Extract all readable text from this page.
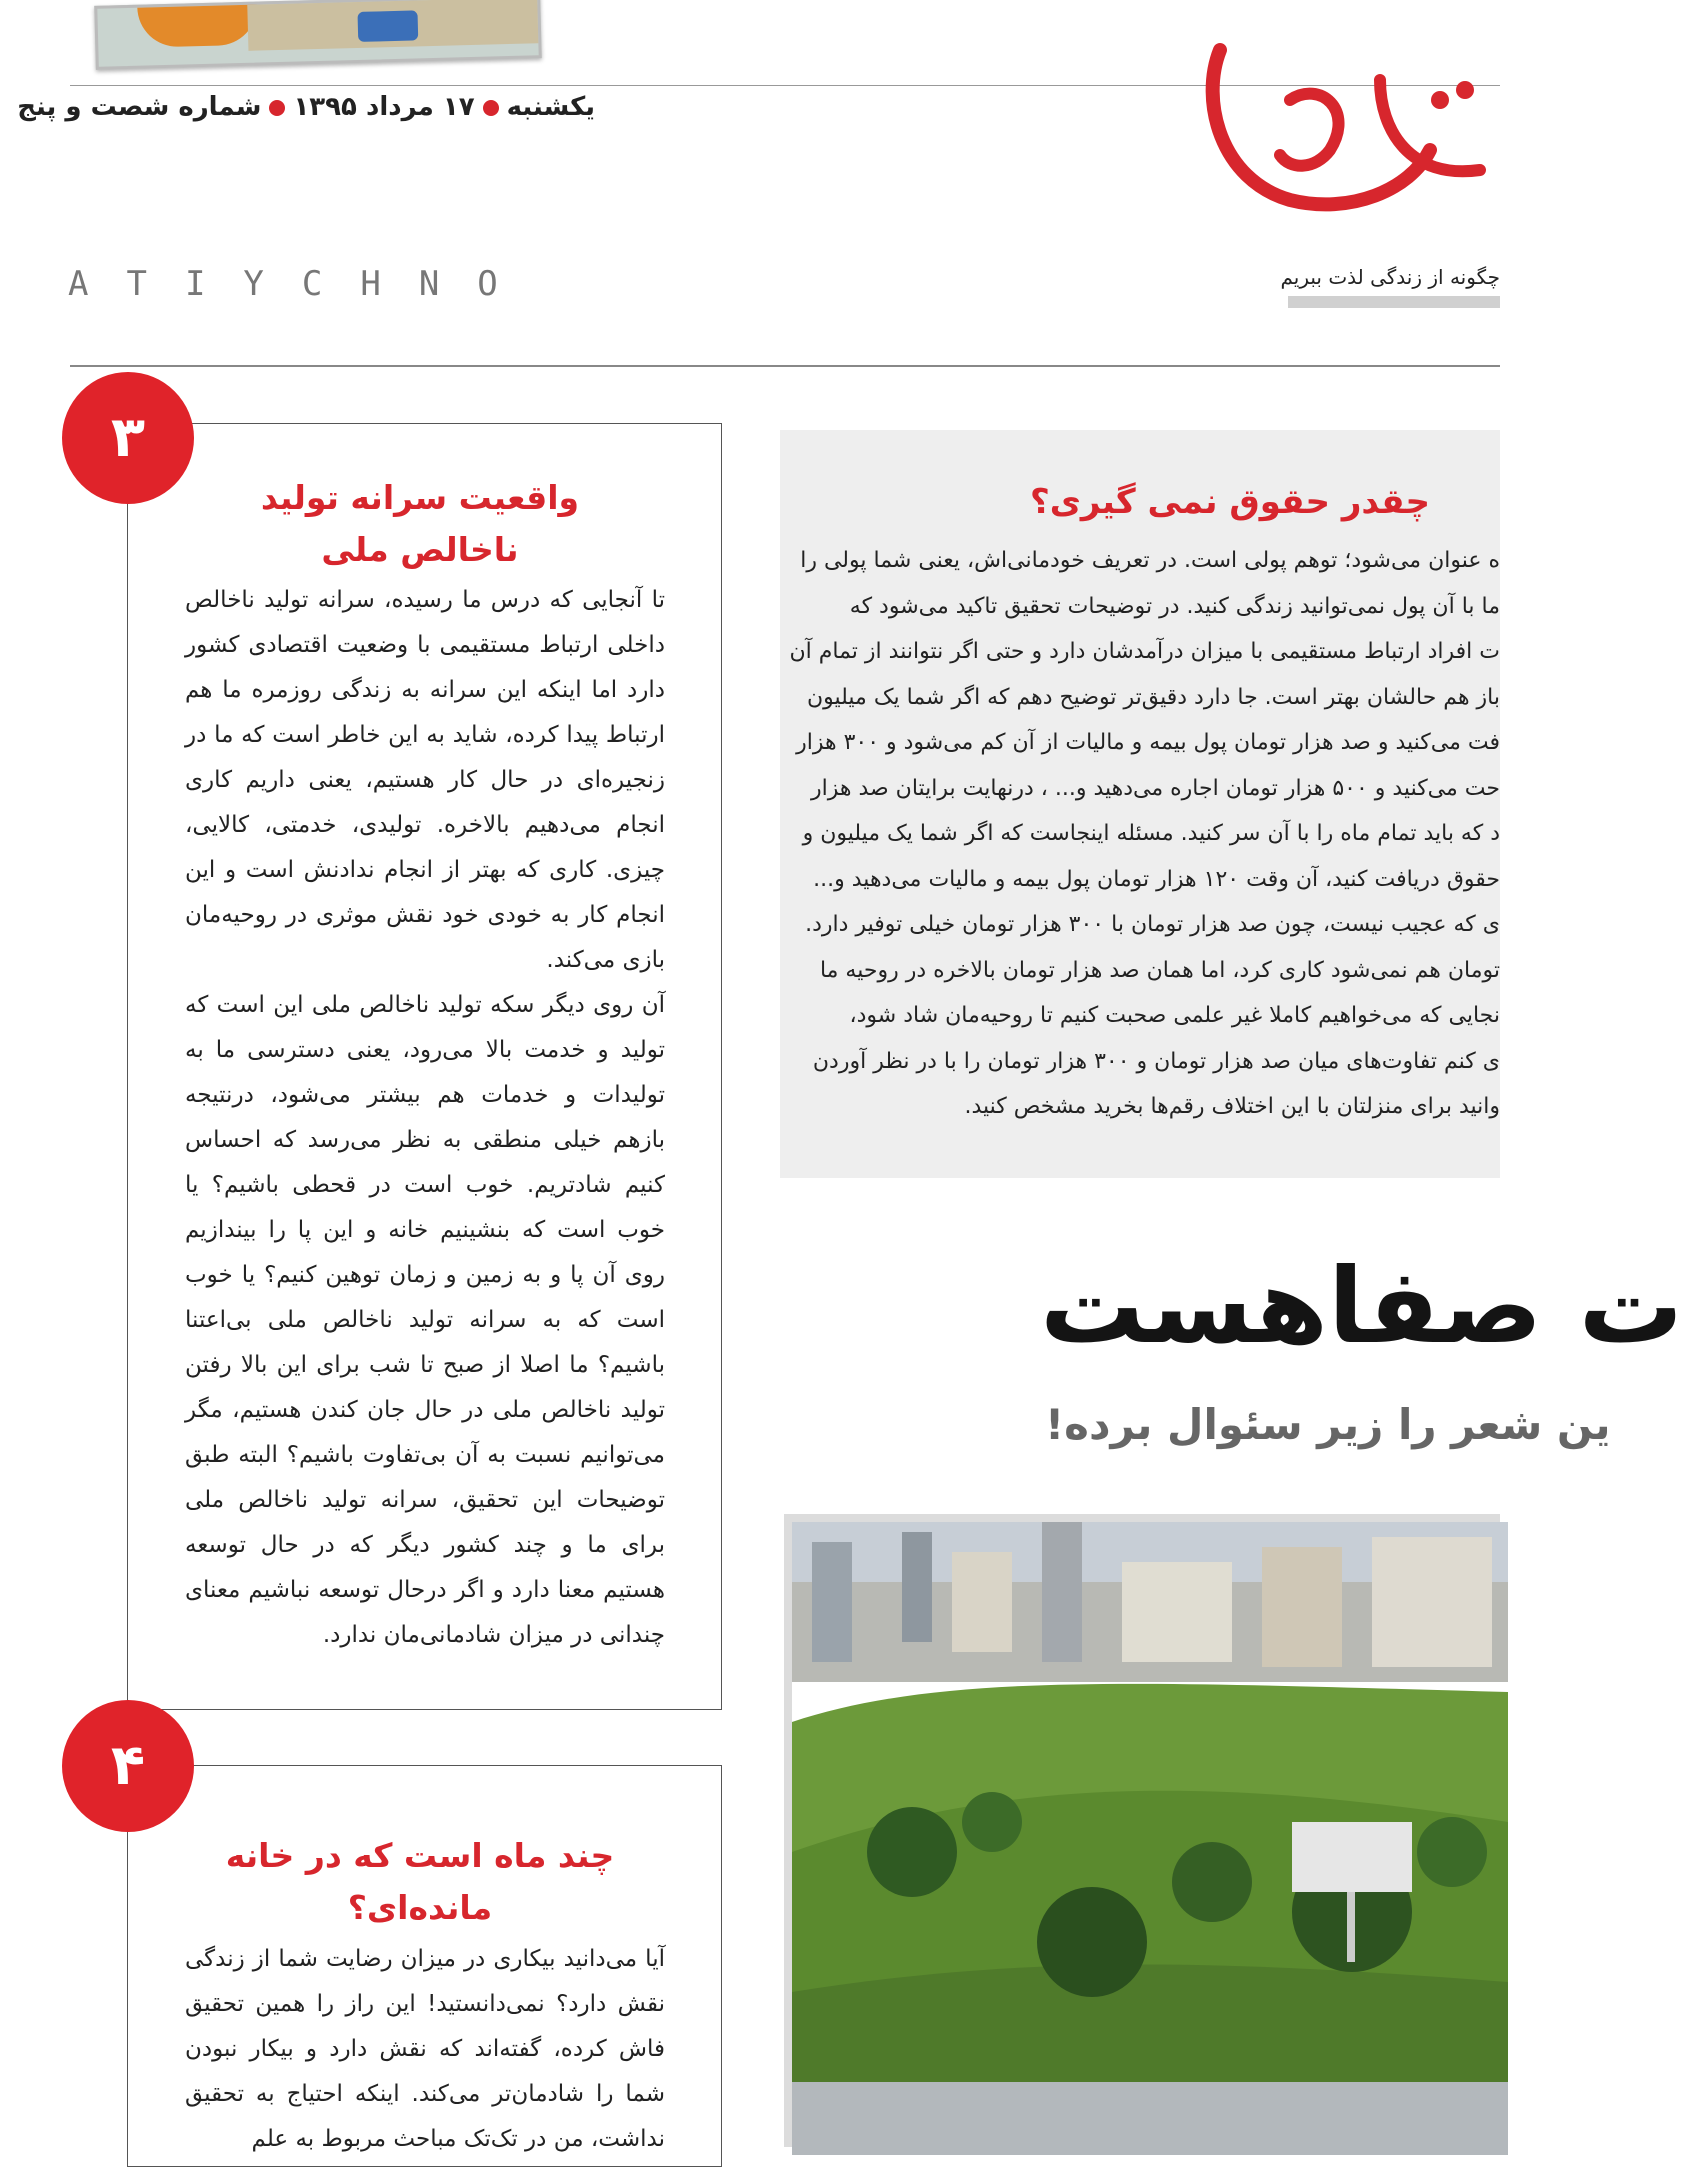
یکشنبه۱۷ مرداد ۱۳۹۵شماره شصت و پنج
چگونه از زندگی لذت ببریم
ATIYCHNO
۳
واقعیت سرانه تولید
ناخالص ملی
تا آنجایی که درس ما رسیده، سرانه تولید ناخالص داخلی ارتباط مستقیمی با وضعیت اقتصادی کشور دارد اما اینکه این سرانه به زندگی روزمره ما هم ارتباط پیدا کرده، شاید به این خاطر است که ما در زنجیره‌ای در حال کار هستیم، یعنی داریم کاری انجام می‌دهیم بالاخره. تولیدی، خدمتی، کالایی، چیزی. کاری که بهتر از انجام ندادنش است و این انجام کار به خودی خود نقش موثری در روحیه‌مان بازی می‌کند.
آن روی دیگر سکه تولید ناخالص ملی این است که تولید و خدمت بالا می‌رود، یعنی دسترسی ما به تولیدات و خدمات هم بیشتر می‌شود، درنتیجه بازهم خیلی منطقی به نظر می‌رسد که احساس کنیم شادتریم. خوب است در قحطی باشیم؟ یا خوب است که بنشینیم خانه و این پا را بیندازیم روی آن پا و به زمین و زمان توهین کنیم؟ یا خوب است که به سرانه تولید ناخالص ملی بی‌اعتنا باشیم؟ ما اصلا از صبح تا شب برای این بالا رفتن تولید ناخالص ملی در حال جان کندن هستیم، مگر می‌توانیم نسبت به آن بی‌تفاوت باشیم؟ البته طبق توضیحات این تحقیق، سرانه تولید ناخالص ملی برای ما و چند کشور دیگر که در حال توسعه هستیم معنا دارد و اگر درحال توسعه نباشیم معنای چندانی در میزان شادمانی‌مان ندارد.
۴
چند ماه است که در خانه
مانده‌ای؟
آیا می‌دانید بیکاری در میزان رضایت شما از زندگی نقش دارد؟ نمی‌دانستید! این راز را همین تحقیق فاش کرده، گفته‌اند که نقش دارد و بیکار نبودن شما را شادمان‌تر می‌کند. اینکه احتیاج به تحقیق نداشت، من در تک‌تک مباحث مربوط به علم
چقدر حقوق نمی گیری؟
ه عنوان می‌شود؛ توهم پولی است. در تعریف خودمانی‌اش، یعنی شما پولی را
ما با آن پول نمی‌توانید زندگی کنید. در توضیحات تحقیق تاکید می‌شود که
ت افراد ارتباط مستقیمی با میزان درآمدشان دارد و حتی اگر نتوانند از تمام آن
باز هم حالشان بهتر است. جا دارد دقیق‌تر توضیح دهم که اگر شما یک میلیون
فت می‌کنید و صد هزار تومان پول بیمه و مالیات از آن کم می‌شود و ۳۰۰ هزار
حت می‌کنید و ۵۰۰ هزار تومان اجاره می‌دهید و... ، درنهایت برایتان صد هزار
د که باید تمام ماه را با آن سر کنید. مسئله اینجاست که اگر شما یک میلیون و
حقوق دریافت کنید، آن وقت ۱۲۰ هزار تومان پول بیمه و مالیات می‌دهید و...
ی که عجیب نیست، چون صد هزار تومان با ۳۰۰ هزار تومان خیلی توفیر دارد.
تومان هم نمی‌شود کاری کرد، اما همان صد هزار تومان بالاخره در روحیه ما
نجایی که می‌خواهیم کاملا غیر علمی صحبت کنیم تا روحیه‌مان شاد شود،
ی کنم تفاوت‌های میان صد هزار تومان و ۳۰۰ هزار تومان را با در نظر آوردن
وانید برای منزلتان با این اختلاف رقم‌ها بخرید مشخص کنید.
ت صفاهست
ین شعر را زیر سئوال برده!
